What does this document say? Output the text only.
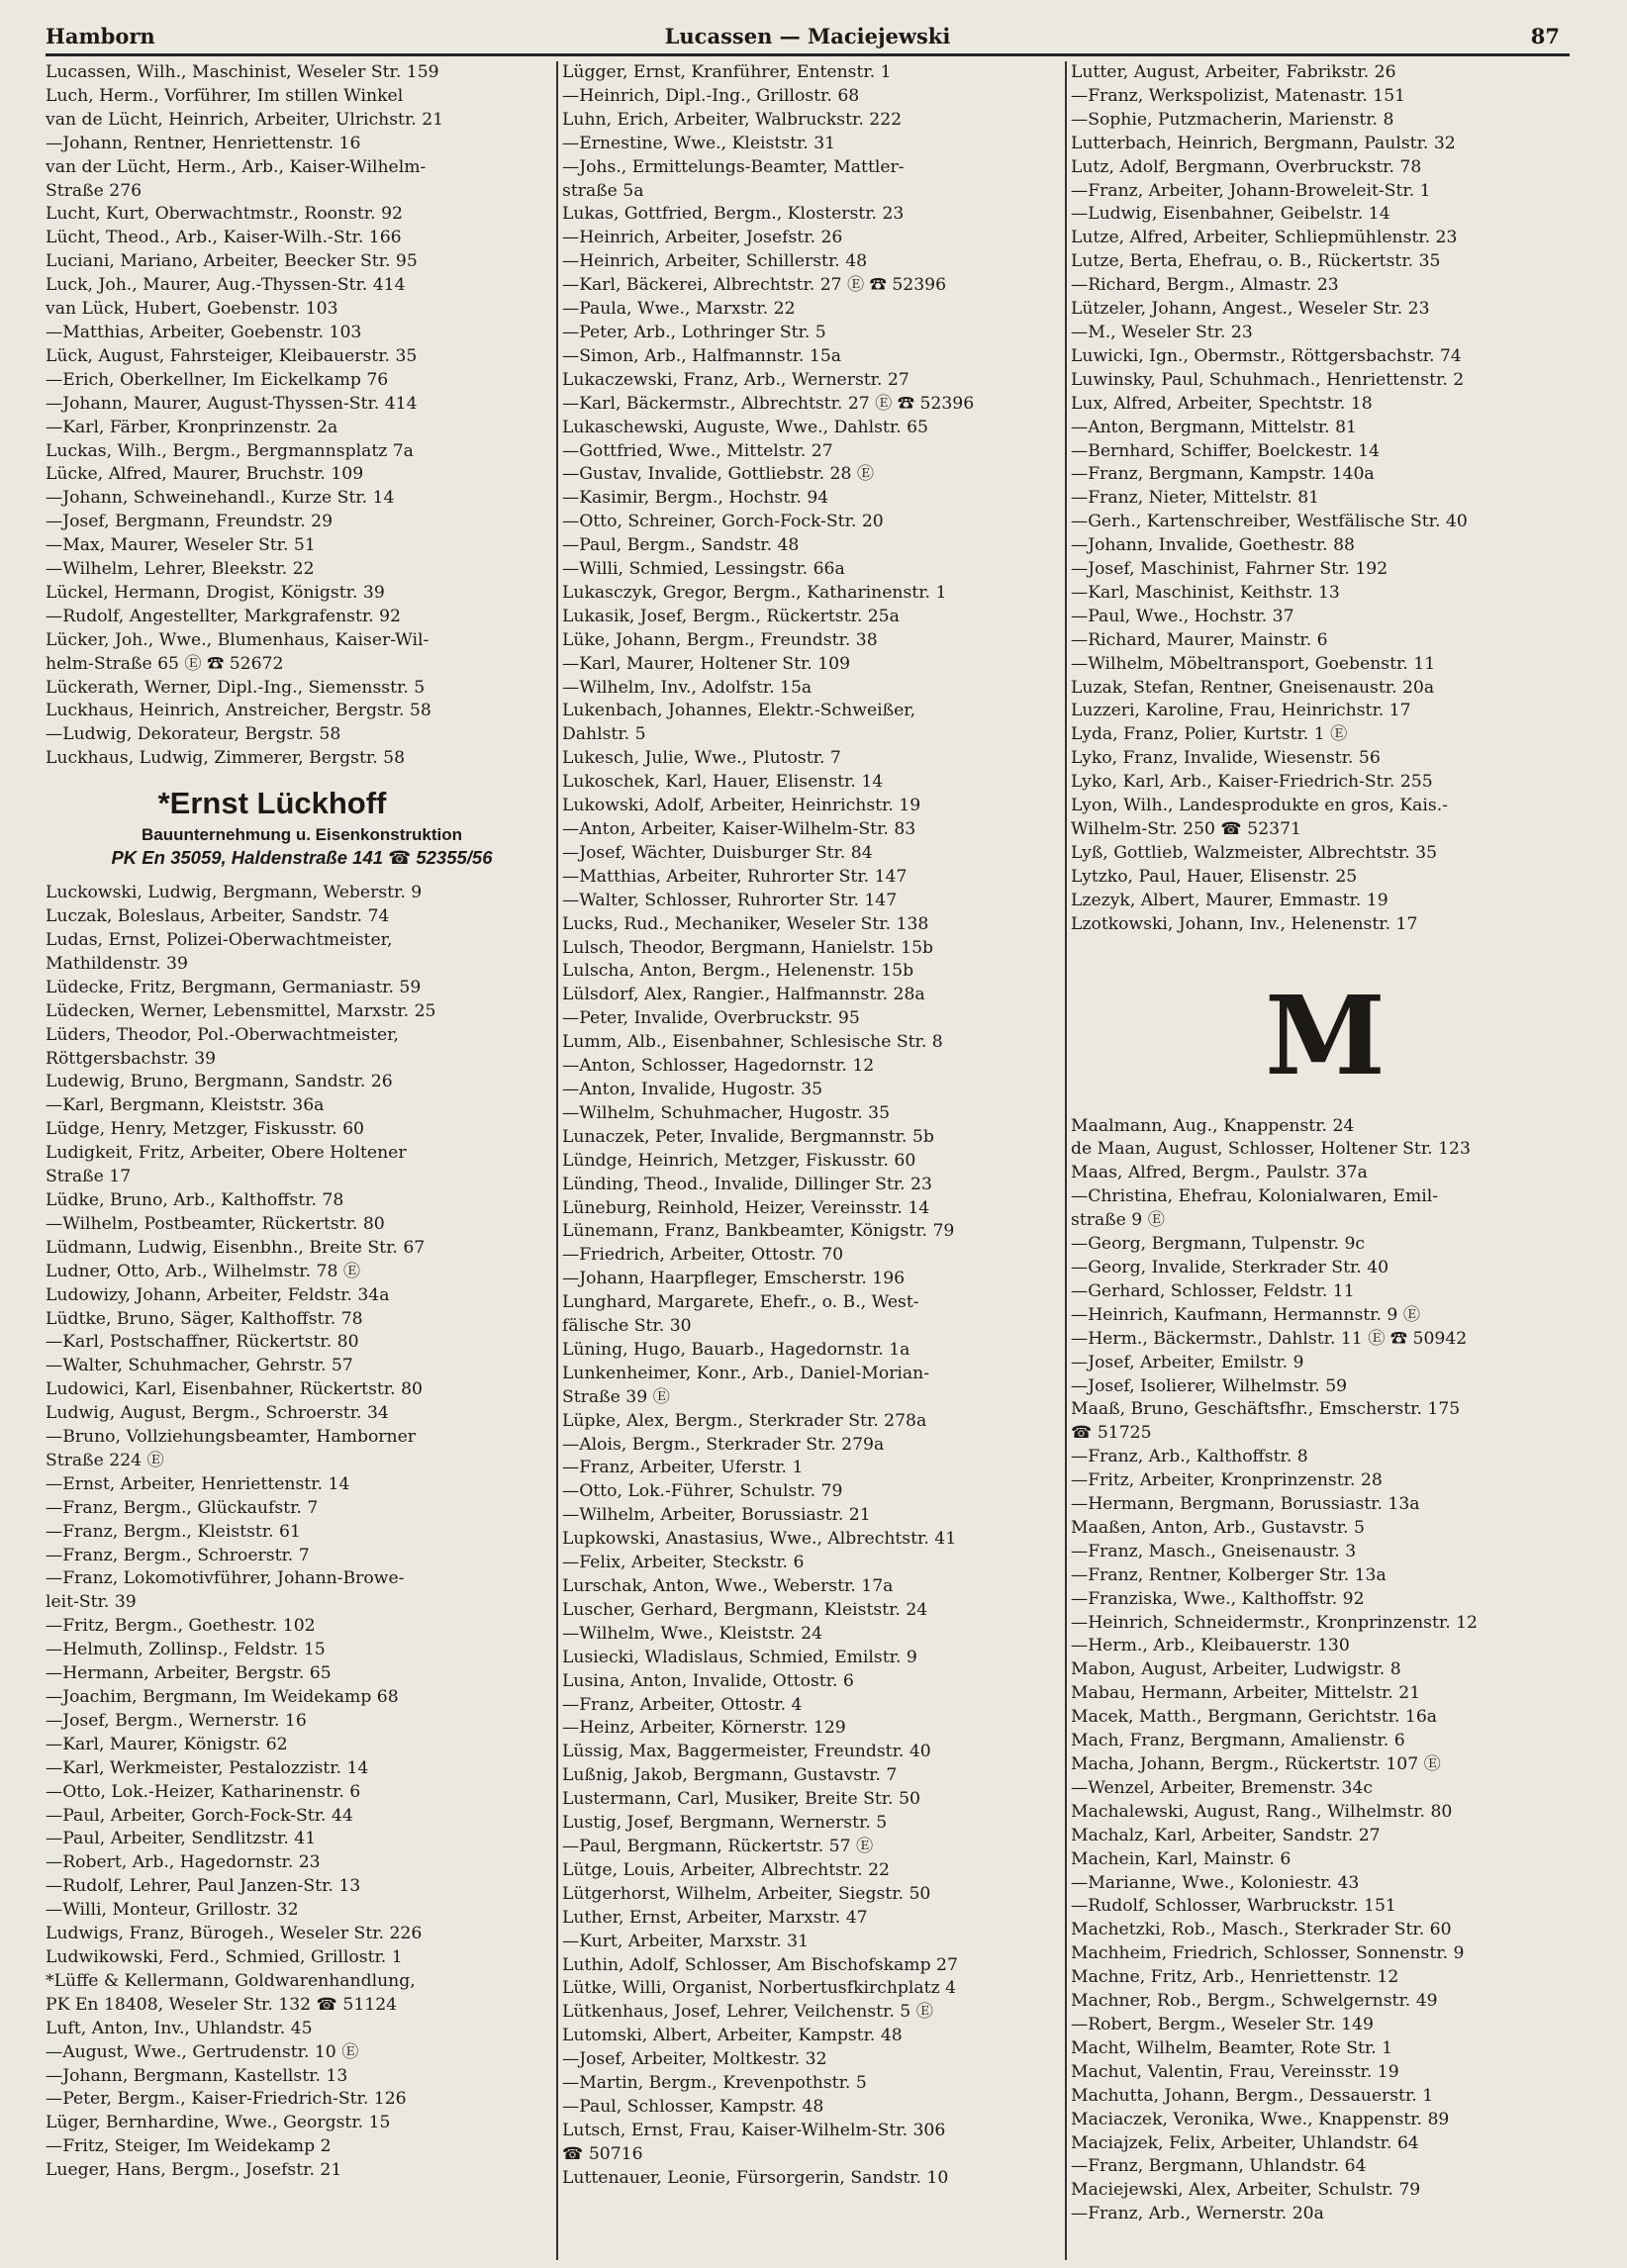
Hamborn	Lucassen — Maciejewski	87
Lucassen, Wilh., Maschinist, Weseler Str. 159
Luch, Herm., Vorführer, Im stillen Winkel
van de Lücht, Heinrich, Arbeiter, Ulrichstr. 21
—Johann, Rentner, Henriettenstr. 16
van der Lücht, Herm., Arb., Kaiser-Wilhelm-
Straße 276
Lucht, Kurt, Oberwachtmstr., Roonstr. 92
Lücht, Theod., Arb., Kaiser-Wilh.-Str. 166
Luciani, Mariano, Arbeiter, Beecker Str. 95
Luck, Joh., Maurer, Aug.-Thyssen-Str. 414
van Lück, Hubert, Goebenstr. 103
—Matthias, Arbeiter, Goebenstr. 103
Lück, August, Fahrsteiger, Kleibauerstr. 35
—Erich, Oberkellner, Im Eickelkamp 76
—Johann, Maurer, August-Thyssen-Str. 414
—Karl, Färber, Kronprinzenstr. 2a
Luckas, Wilh., Bergm., Bergmannsplatz 7a
Lücke, Alfred, Maurer, Bruchstr. 109
—Johann, Schweinehandl., Kurze Str. 14
—Josef, Bergmann, Freundstr. 29
—Max, Maurer, Weseler Str. 51
—Wilhelm, Lehrer, Bleekstr. 22
Lückel, Hermann, Drogist, Königstr. 39
—Rudolf, Angestellter, Markgrafenstr. 92
Lücker, Joh., Wwe., Blumenhaus, Kaiser-Wil-
helm-Straße 65 Ⓔ ☎ 52672
Lückerath, Werner, Dipl.-Ing., Siemensstr. 5
Luckhaus, Heinrich, Anstreicher, Bergstr. 58
—Ludwig, Dekorateur, Bergstr. 58
Luckhaus, Ludwig, Zimmerer, Bergstr. 58
*Ernst Lückhoff
Bauunternehmung u. Eisenkonstruktion
PK En 35059, Haldenstraße 141 ☎ 52355/56
Luckowski, Ludwig, Bergmann, Weberstr. 9
Luczak, Boleslaus, Arbeiter, Sandstr. 74
Ludas, Ernst, Polizei-Oberwachtmeister,
Mathildenstr. 39
Lüdecke, Fritz, Bergmann, Germaniastr. 59
Lüdecken, Werner, Lebensmittel, Marxstr. 25
Lüders, Theodor, Pol.-Oberwachtmeister,
Röttgersbachstr. 39
Ludewig, Bruno, Bergmann, Sandstr. 26
—Karl, Bergmann, Kleiststr. 36a
Lüdge, Henry, Metzger, Fiskusstr. 60
Ludigkeit, Fritz, Arbeiter, Obere Holtener
Straße 17
Lüdke, Bruno, Arb., Kalthoffstr. 78
—Wilhelm, Postbeamter, Rückertstr. 80
Lüdmann, Ludwig, Eisenbhn., Breite Str. 67
Ludner, Otto, Arb., Wilhelmstr. 78 Ⓔ
Ludowizy, Johann, Arbeiter, Feldstr. 34a
Lüdtke, Bruno, Säger, Kalthoffstr. 78
—Karl, Postschaffner, Rückertstr. 80
—Walter, Schuhmacher, Gehrstr. 57
Ludowici, Karl, Eisenbahner, Rückertstr. 80
Ludwig, August, Bergm., Schroerstr. 34
—Bruno, Vollziehungsbeamter, Hamborner
Straße 224 Ⓔ
—Ernst, Arbeiter, Henriettenstr. 14
—Franz, Bergm., Glückaufstr. 7
—Franz, Bergm., Kleiststr. 61
—Franz, Bergm., Schroerstr. 7
—Franz, Lokomotivführer, Johann-Browe-
leit-Str. 39
—Fritz, Bergm., Goethestr. 102
—Helmuth, Zollinsp., Feldstr. 15
—Hermann, Arbeiter, Bergstr. 65
—Joachim, Bergmann, Im Weidekamp 68
—Josef, Bergm., Wernerstr. 16
—Karl, Maurer, Königstr. 62
—Karl, Werkmeister, Pestalozzistr. 14
—Otto, Lok.-Heizer, Katharinenstr. 6
—Paul, Arbeiter, Gorch-Fock-Str. 44
—Paul, Arbeiter, Sendlitzstr. 41
—Robert, Arb., Hagedornstr. 23
—Rudolf, Lehrer, Paul Janzen-Str. 13
—Willi, Monteur, Grillostr. 32
Ludwigs, Franz, Bürogeh., Weseler Str. 226
Ludwikowski, Ferd., Schmied, Grillostr. 1
*Lüffe & Kellermann, Goldwarenhandlung,
PK En 18408, Weseler Str. 132 ☎ 51124
Luft, Anton, Inv., Uhlandstr. 45
—August, Wwe., Gertrudenstr. 10 Ⓔ
—Johann, Bergmann, Kastellstr. 13
—Peter, Bergm., Kaiser-Friedrich-Str. 126
Lüger, Bernhardine, Wwe., Georgstr. 15
—Fritz, Steiger, Im Weidekamp 2
Lueger, Hans, Bergm., Josefstr. 21
Lügger, Ernst, Kranführer, Entenstr. 1
—Heinrich, Dipl.-Ing., Grillostr. 68
Luhn, Erich, Arbeiter, Walbruckstr. 222
—Ernestine, Wwe., Kleiststr. 31
—Johs., Ermittelungs-Beamter, Mattler-
straße 5a
Lukas, Gottfried, Bergm., Klosterstr. 23
—Heinrich, Arbeiter, Josefstr. 26
—Heinrich, Arbeiter, Schillerstr. 48
—Karl, Bäckerei, Albrechtstr. 27 Ⓔ ☎ 52396
—Paula, Wwe., Marxstr. 22
—Peter, Arb., Lothringer Str. 5
—Simon, Arb., Halfmannstr. 15a
Lukaczewski, Franz, Arb., Wernerstr. 27
—Karl, Bäckermstr., Albrechtstr. 27 Ⓔ ☎ 52396
Lukaschewski, Auguste, Wwe., Dahlstr. 65
—Gottfried, Wwe., Mittelstr. 27
—Gustav, Invalide, Gottliebstr. 28 Ⓔ
—Kasimir, Bergm., Hochstr. 94
—Otto, Schreiner, Gorch-Fock-Str. 20
—Paul, Bergm., Sandstr. 48
—Willi, Schmied, Lessingstr. 66a
Lukasczyk, Gregor, Bergm., Katharinenstr. 1
Lukasik, Josef, Bergm., Rückertstr. 25a
Lüke, Johann, Bergm., Freundstr. 38
—Karl, Maurer, Holtener Str. 109
—Wilhelm, Inv., Adolfstr. 15a
Lukenbach, Johannes, Elektr.-Schweißer,
Dahlstr. 5
Lukesch, Julie, Wwe., Plutostr. 7
Lukoschek, Karl, Hauer, Elisenstr. 14
Lukowski, Adolf, Arbeiter, Heinrichstr. 19
—Anton, Arbeiter, Kaiser-Wilhelm-Str. 83
—Josef, Wächter, Duisburger Str. 84
—Matthias, Arbeiter, Ruhrorter Str. 147
—Walter, Schlosser, Ruhrorter Str. 147
Lucks, Rud., Mechaniker, Weseler Str. 138
Lulsch, Theodor, Bergmann, Hanielstr. 15b
Lulscha, Anton, Bergm., Helenenstr. 15b
Lülsdorf, Alex, Rangier., Halfmannstr. 28a
—Peter, Invalide, Overbruckstr. 95
Lumm, Alb., Eisenbahner, Schlesische Str. 8
—Anton, Schlosser, Hagedornstr. 12
—Anton, Invalide, Hugostr. 35
—Wilhelm, Schuhmacher, Hugostr. 35
Lunaczek, Peter, Invalide, Bergmannstr. 5b
Lündge, Heinrich, Metzger, Fiskusstr. 60
Lünding, Theod., Invalide, Dillinger Str. 23
Lüneburg, Reinhold, Heizer, Vereinsstr. 14
Lünemann, Franz, Bankbeamter, Königstr. 79
—Friedrich, Arbeiter, Ottostr. 70
—Johann, Haarpfleger, Emscherstr. 196
Lunghard, Margarete, Ehefr., o. B., West-
fälische Str. 30
Lüning, Hugo, Bauarb., Hagedornstr. 1a
Lunkenheimer, Konr., Arb., Daniel-Morian-
Straße 39 Ⓔ
Lüpke, Alex, Bergm., Sterkrader Str. 278a
—Alois, Bergm., Sterkrader Str. 279a
—Franz, Arbeiter, Uferstr. 1
—Otto, Lok.-Führer, Schulstr. 79
—Wilhelm, Arbeiter, Borussiastr. 21
Lupkowski, Anastasius, Wwe., Albrechtstr. 41
—Felix, Arbeiter, Steckstr. 6
Lurschak, Anton, Wwe., Weberstr. 17a
Luscher, Gerhard, Bergmann, Kleiststr. 24
—Wilhelm, Wwe., Kleiststr. 24
Lusiecki, Wladislaus, Schmied, Emilstr. 9
Lusina, Anton, Invalide, Ottostr. 6
—Franz, Arbeiter, Ottostr. 4
—Heinz, Arbeiter, Körnerstr. 129
Lüssig, Max, Baggermeister, Freundstr. 40
Lußnig, Jakob, Bergmann, Gustavstr. 7
Lustermann, Carl, Musiker, Breite Str. 50
Lustig, Josef, Bergmann, Wernerstr. 5
—Paul, Bergmann, Rückertstr. 57 Ⓔ
Lütge, Louis, Arbeiter, Albrechtstr. 22
Lütgerhorst, Wilhelm, Arbeiter, Siegstr. 50
Luther, Ernst, Arbeiter, Marxstr. 47
—Kurt, Arbeiter, Marxstr. 31
Luthin, Adolf, Schlosser, Am Bischofskamp 27
Lütke, Willi, Organist, Norbertusfkirchplatz 4
Lütkenhaus, Josef, Lehrer, Veilchenstr. 5 Ⓔ
Lutomski, Albert, Arbeiter, Kampstr. 48
—Josef, Arbeiter, Moltkestr. 32
—Martin, Bergm., Krevenpothstr. 5
—Paul, Schlosser, Kampstr. 48
Lutsch, Ernst, Frau, Kaiser-Wilhelm-Str. 306
☎ 50716
Luttenauer, Leonie, Fürsorgerin, Sandstr. 10
Lutter, August, Arbeiter, Fabrikstr. 26
—Franz, Werkspolizist, Matenastr. 151
—Sophie, Putzmacherin, Marienstr. 8
Lutterbach, Heinrich, Bergmann, Paulstr. 32
Lutz, Adolf, Bergmann, Overbruckstr. 78
—Franz, Arbeiter, Johann-Broweleit-Str. 1
—Ludwig, Eisenbahner, Geibelstr. 14
Lutze, Alfred, Arbeiter, Schliepmühlenstr. 23
Lutze, Berta, Ehefrau, o. B., Rückertstr. 35
—Richard, Bergm., Almastr. 23
Lützeler, Johann, Angest., Weseler Str. 23
—M., Weseler Str. 23
Luwicki, Ign., Obermstr., Röttgersbachstr. 74
Luwinsky, Paul, Schuhmach., Henriettenstr. 2
Lux, Alfred, Arbeiter, Spechtstr. 18
—Anton, Bergmann, Mittelstr. 81
—Bernhard, Schiffer, Boelckestr. 14
—Franz, Bergmann, Kampstr. 140a
—Franz, Nieter, Mittelstr. 81
—Gerh., Kartenschreiber, Westfälische Str. 40
—Johann, Invalide, Goethestr. 88
—Josef, Maschinist, Fahrner Str. 192
—Karl, Maschinist, Keithstr. 13
—Paul, Wwe., Hochstr. 37
—Richard, Maurer, Mainstr. 6
—Wilhelm, Möbeltransport, Goebenstr. 11
Luzak, Stefan, Rentner, Gneisenaustr. 20a
Luzzeri, Karoline, Frau, Heinrichstr. 17
Lyda, Franz, Polier, Kurtstr. 1 Ⓔ
Lyko, Franz, Invalide, Wiesenstr. 56
Lyko, Karl, Arb., Kaiser-Friedrich-Str. 255
Lyon, Wilh., Landesprodukte en gros, Kais.-
Wilhelm-Str. 250 ☎ 52371
Lyß, Gottlieb, Walzmeister, Albrechtstr. 35
Lytzko, Paul, Hauer, Elisenstr. 25
Lzezyk, Albert, Maurer, Emmastr. 19
Lzotkowski, Johann, Inv., Helenenstr. 17
M
Maalmann, Aug., Knappenstr. 24
de Maan, August, Schlosser, Holtener Str. 123
Maas, Alfred, Bergm., Paulstr. 37a
—Christina, Ehefrau, Kolonialwaren, Emil-
straße 9 Ⓔ
—Georg, Bergmann, Tulpenstr. 9c
—Georg, Invalide, Sterkrader Str. 40
—Gerhard, Schlosser, Feldstr. 11
—Heinrich, Kaufmann, Hermannstr. 9 Ⓔ
—Herm., Bäckermstr., Dahlstr. 11 Ⓔ ☎ 50942
—Josef, Arbeiter, Emilstr. 9
—Josef, Isolierer, Wilhelmstr. 59
Maaß, Bruno, Geschäftsfhr., Emscherstr. 175
☎ 51725
—Franz, Arb., Kalthoffstr. 8
—Fritz, Arbeiter, Kronprinzenstr. 28
—Hermann, Bergmann, Borussiastr. 13a
Maaßen, Anton, Arb., Gustavstr. 5
—Franz, Masch., Gneisenaustr. 3
—Franz, Rentner, Kolberger Str. 13a
—Franziska, Wwe., Kalthoffstr. 92
—Heinrich, Schneidermstr., Kronprinzenstr. 12
—Herm., Arb., Kleibauerstr. 130
Mabon, August, Arbeiter, Ludwigstr. 8
Mabau, Hermann, Arbeiter, Mittelstr. 21
Macek, Matth., Bergmann, Gerichtstr. 16a
Mach, Franz, Bergmann, Amalienstr. 6
Macha, Johann, Bergm., Rückertstr. 107 Ⓔ
—Wenzel, Arbeiter, Bremenstr. 34c
Machalewski, August, Rang., Wilhelmstr. 80
Machalz, Karl, Arbeiter, Sandstr. 27
Machein, Karl, Mainstr. 6
—Marianne, Wwe., Koloniestr. 43
—Rudolf, Schlosser, Warbruckstr. 151
Machetzki, Rob., Masch., Sterkrader Str. 60
Machheim, Friedrich, Schlosser, Sonnenstr. 9
Machne, Fritz, Arb., Henriettenstr. 12
Machner, Rob., Bergm., Schwelgernstr. 49
—Robert, Bergm., Weseler Str. 149
Macht, Wilhelm, Beamter, Rote Str. 1
Machut, Valentin, Frau, Vereinsstr. 19
Machutta, Johann, Bergm., Dessauerstr. 1
Maciaczek, Veronika, Wwe., Knappenstr. 89
Maciajzek, Felix, Arbeiter, Uhlandstr. 64
—Franz, Bergmann, Uhlandstr. 64
Maciejewski, Alex, Arbeiter, Schulstr. 79
—Franz, Arb., Wernerstr. 20a
